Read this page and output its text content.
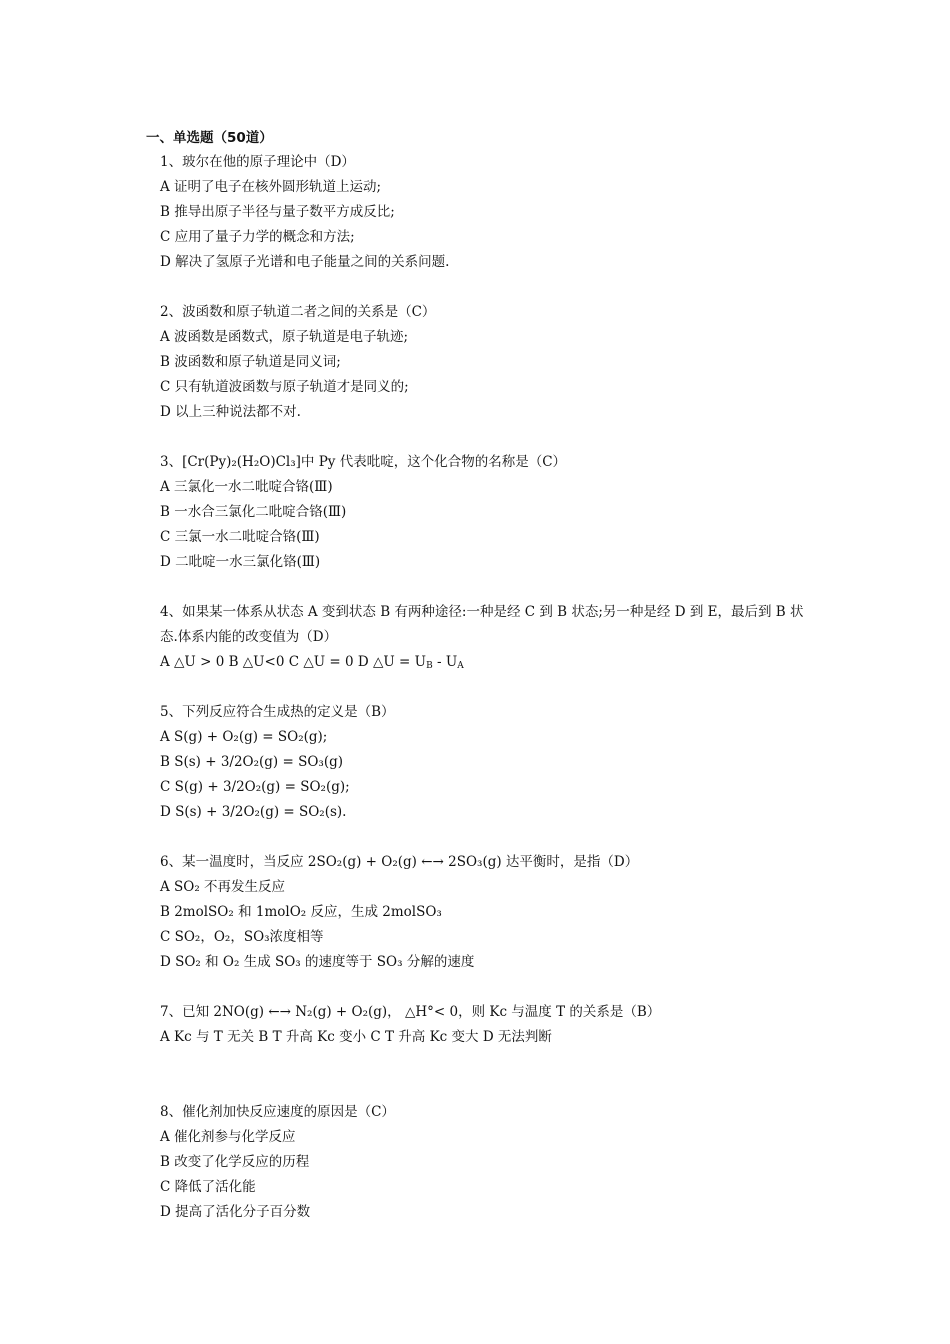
一、单选题（50道）
1、玻尔在他的原子理论中（D）
A 证明了电子在核外圆形轨道上运动;
B 推导出原子半径与量子数平方成反比;
C 应用了量子力学的概念和方法;
D 解决了氢原子光谱和电子能量之间的关系问题.
2、波函数和原子轨道二者之间的关系是（C）
A 波函数是函数式，原子轨道是电子轨迹;
B 波函数和原子轨道是同义词;
C 只有轨道波函数与原子轨道才是同义的;
D 以上三种说法都不对.
3、[Cr(Py)₂(H₂O)Cl₃]中 Py 代表吡啶，这个化合物的名称是（C）
A 三氯化一水二吡啶合铬(Ⅲ)
B 一水合三氯化二吡啶合铬(Ⅲ)
C 三氯一水二吡啶合铬(Ⅲ)
D 二吡啶一水三氯化铬(Ⅲ)
4、如果某一体系从状态 A 变到状态 B 有两种途径:一种是经 C 到 B 状态;另一种是经 D 到 E，最后到 B 状态.体系内能的改变值为（D）
A △U > 0 B △U<0 C △U = 0 D △U = $U_B - U_A$
5、下列反应符合生成热的定义是（B）
A S(g) + O₂(g) = SO₂(g);
B S(s) + 3/2O₂(g) = SO₃(g)
C S(g) + 3/2O₂(g) = SO₂(g);
D S(s) + 3/2O₂(g) = SO₂(s).
6、某一温度时，当反应 2SO₂(g) + O₂(g) ←→ 2SO₃(g) 达平衡时，是指（D）
A SO₂ 不再发生反应
B 2molSO₂ 和 1molO₂ 反应，生成 2molSO₃
C SO₂，O₂，SO₃浓度相等
D SO₂ 和 O₂ 生成 SO₃ 的速度等于 SO₃ 分解的速度
7、已知 2NO(g) ←→ N₂(g) + O₂(g)， △H°< 0，则 Kc 与温度 T 的关系是（B）
A Kc 与 T 无关 B T 升高 Kc 变小 C T 升高 Kc 变大 D 无法判断
8、催化剂加快反应速度的原因是（C）
A 催化剂参与化学反应
B 改变了化学反应的历程
C 降低了活化能
D 提高了活化分子百分数
